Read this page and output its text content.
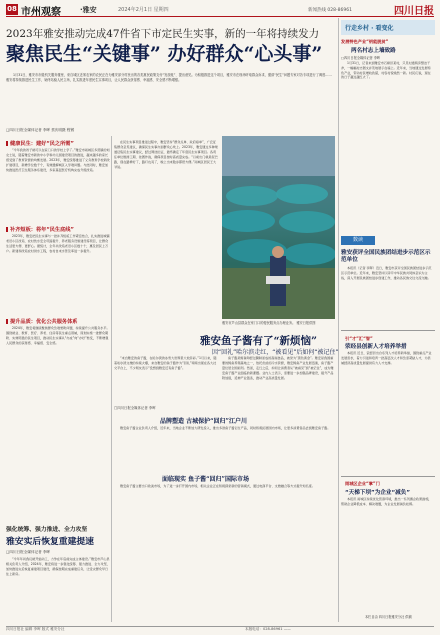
08 市州观察	·雅安	2024年2月1日 星期四	新闻热线 028-86961	四川日报
2023年雅安推动完成47件省下市定民生实事，新的一年将持续发力
聚焦民生“关键事” 办好群众“心头事”
1月31日，雅安市市级机关服务楼里，来自城区近郊农家的农民正在为雅安部分村民出的各类惠民政策支付“发放帐”、提出意见。为积极推进这个项目，雅安市在现场听取群众诉求，邀请“民生”问题专家对各专项进行了调度……雅安将持续推进民生工作，始终站稳人民立场，扎实推进年度民生实事项目，让人民群众获得感、幸福感、安全感不断增强。
□四川日报全媒体记者 李晖 蔡庆明摄 程钢
健康民生：建好“民之所需”

“今年我的孩子就可以在家门口的学校上学了。”雅安市雨城区多营镇的刘女士说，随着雅安市新的中小学和幼儿园建设项目的推进，越来越多的家长感受到了教育资源的均衡发展。2023年，雅安统筹推进了义务教育学校新改扩建项目，新增学位数千个，有效缓解城区入学难问题。与此同时，雅安加快推进医疗卫生服务体系建设，多家基层医疗机构完成升级改造。

补齐短板：将年“民生底线”

2023年，雅安把民生实事与一批补齐短板工作紧密结合，扎实推进城镇老旧小区改造、农村饮水安全巩固提升、养老服务设施建设等项目，让群众生活更方便、更舒心。据统计，全年共改造老旧小区数十个，惠及居民上万户。新建和改造农村供水工程，农村自来水普及率进一步提升。

提升品质：优化公共服务体系

2024年，雅安将继续聚焦群众急难愁盼问题，持续提升公共服务水平。围绕就业、教育、医疗、养老、住房等民生重点领域，谋划实施一批群众期盼、实效明显的民生项目，推动民生实事从“办成”向“办好”转变，不断增强人民群众的获得感、幸福感、安全感。

在民生实事项目推进过程中，雅安坚持“群众点单、政府接单”，广泛征集群众意见建议，确保民生实事办到群众心坎上。2023年，雅安通过多种渠道征集民生实事建议，经过筛选论证，最终确定了年度民生实事项目。各责任单位倒排工期、挂图作战，确保项目按时高质量完成。“以前出门就是泥巴路，现在路修好了，路灯也亮了，晚上出来散步都很方便。”雨城区居民王大爷说。

雅安市芦山县群众在家门口的便民服务点办理业务。 雅安日报供图
雅安鱼子酱有了“新烦恼”
因“回礼”哈尔滨走红，“被看见”后如何“被记住”

“来自雅安的鱼子酱，在哈尔滨的冰雪大世界里大放异彩。”1月以来，随着哈尔滨文旅的持续火爆，来自雅安的鱼子酱作为“回礼”频频出现在各大社交平台上，不少网友表示“没想到雅安还有鱼子酱”。

□四川日报全媒体记者 李晖

鱼子酱是鲟鱼卵经过腌制而成的高端食品，被誉为“黑色黄金”。雅安是我国重要的鲟鱼养殖基地之一，依托优质的冷水资源，雅安鲟鱼产业发展迅速，鱼子酱产量位居全国前列。然而，走红之后，如何让消费者从“被看见”到“被记住”，成为雅安鱼子酱产业面临的新课题。业内人士表示，需要进一步加强品牌建设，提升产品附加值，延伸产业链条，推动产业高质量发展。

品牌塑造 古城保护“回归”江户川

雅安鱼子酱企业负责人介绍，近年来，当地企业不断加大研发投入，推出多款鱼子酱衍生产品，同时积极拓展国内市场，让更多消费者品尝到雅安鱼子酱。

面临现实 鱼子酱“回归”国际市场

雅安鱼子酱主要出口欧美市场，为了进一步打开国内市场，相关企业正在积极探索新的营销模式，通过电商平台、文旅融合等方式提升知名度。

强化统筹、强力推进、全力攻坚
雅安实后恢复重建提速
□四川日报全媒体记者 李晖

“今年年初我们就开始动工，力争在年底前完成主体建设。”雅安市芦山县相关负责人介绍，2024年，雅安将进一步强化统筹、强力推进、全力攻坚，加快推进灾后恢复重建项目建设，确保按期完成重建任务，让受灾群众早日住上新房。

行走乡村 · 看变化
发展特色产业“钥能脱贫”
两名村志上墙致路
□四川日报全媒体记者 李晖

1月31日，记者来到雅安市石棉县某村，只见村道两旁整洁干净，一幅幅村志图文并茂地展示在墙上。近年来，当地通过发展特色产业，带动村民增收致富，村容村貌焕然一新。村民们说，现在的日子越过越红火了。

数读
雅安获评全国民族团结进步示范区示范单位

本报讯（记者 李晖）近日，雅安市获评全国民族团结进步示范区示范单位。近年来，雅安坚持以铸牢中华民族共同体意识为主线，深入开展民族团结进步创建工作，推动各民族交往交流交融。

引“才”汇“智”
荥经县创新人才培养举措

本报讯 近日，荥经县出台系列人才培养新举措，围绕重点产业发展需求，着力引进和培育一批高层次人才和急需紧缺人才，为县域经济高质量发展提供有力人才支撑。

雨城区企业“掌”门
“天梯下坝”为企业“减负”

本报讯 雨城区持续优化营商环境，推出一系列惠企政策措施，帮助企业降低成本、解决难题，为企业发展减负松绑。

本栏目由 四川日报雅安分社 供稿
四川日报社 编辑 李晖 版式 雅安分社	本版电话：028-86961 ——
